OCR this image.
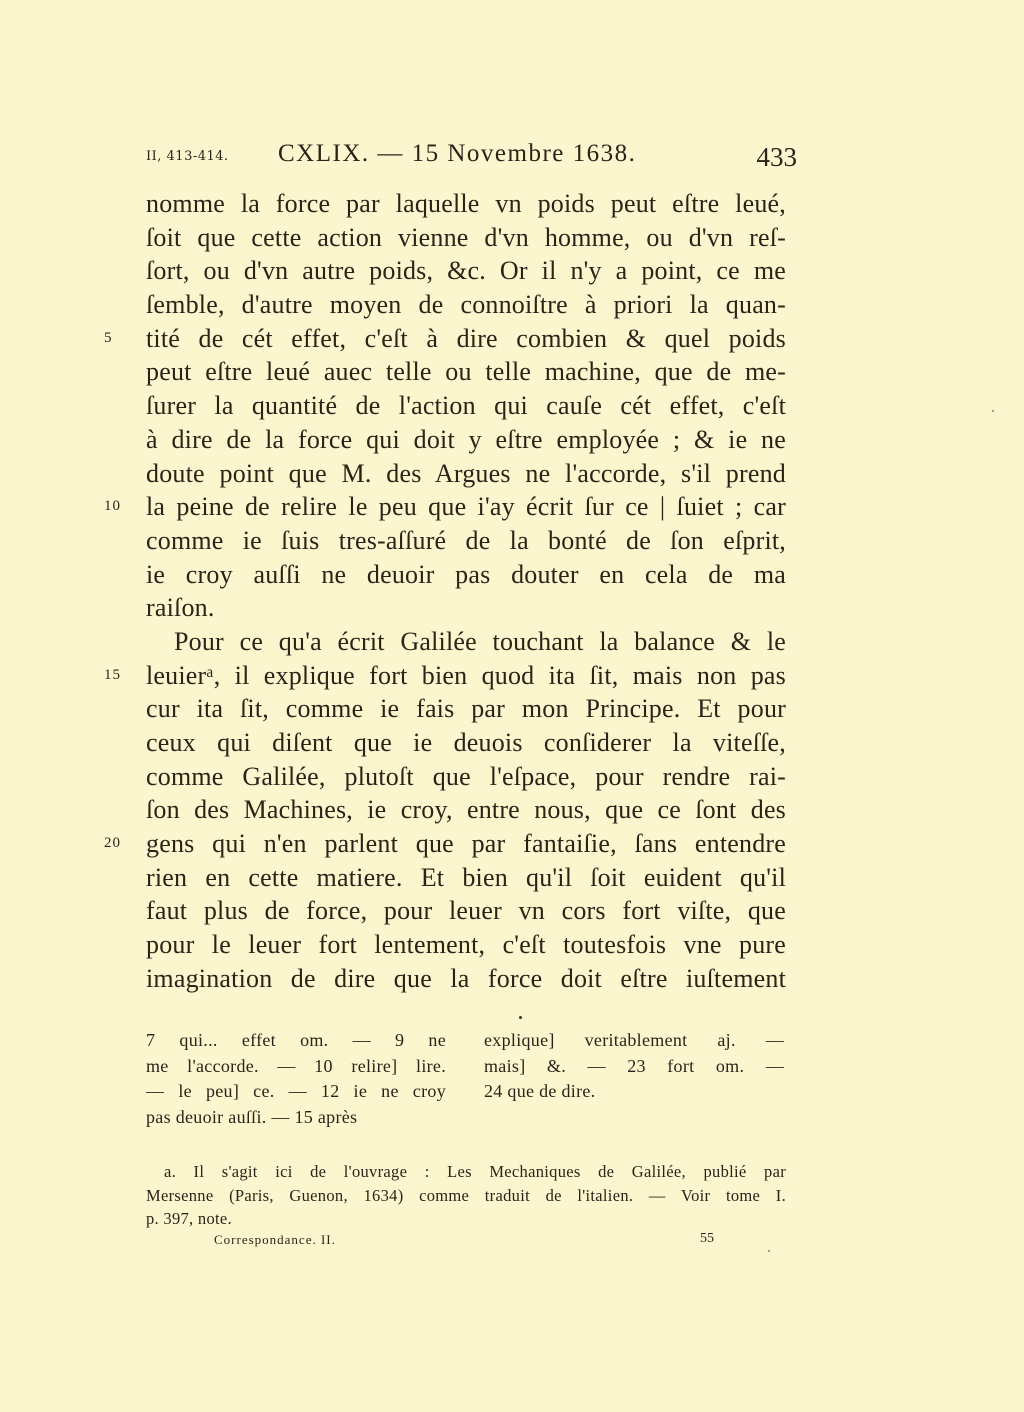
II, 413-414. CXLIX. — 15 Novembre 1638.	433
nomme la force par laquelle vn poids peut eſtre leué,
ſoit que cette action vienne d'vn homme, ou d'vn reſ-
ſort, ou d'vn autre poids, &c. Or il n'y a point, ce me
ſemble, d'autre moyen de connoiſtre à priori la quan-
5	tité de cét effet, c'eſt à dire combien & quel poids
peut eſtre leué auec telle ou telle machine, que de me-
ſurer la quantité de l'action qui cauſe cét effet, c'eſt
à dire de la force qui doit y eſtre employée ; & ie ne
doute point que M. des Argues ne l'accorde, s'il prend
10 la peine de relire le peu que i'ay écrit ſur ce | ſuiet ; car
comme ie ſuis tres-aſſuré de la bonté de ſon eſprit,
ie croy auſſi ne deuoir pas douter en cela de ma
raiſon.
Pour ce qu'a écrit Galilée touchant la balance & le
15 leuierᵃ, il explique fort bien quod ita ſit, mais non pas
cur ita ſit, comme ie fais par mon Principe. Et pour
ceux qui diſent que ie deuois conſiderer la viteſſe,
comme Galilée, plutoſt que l'eſpace, pour rendre rai-
ſon des Machines, ie croy, entre nous, que ce ſont des
20 gens qui n'en parlent que par fantaiſie, ſans entendre
rien en cette matiere. Et bien qu'il ſoit euident qu'il
faut plus de force, pour leuer vn cors fort viſte, que
pour le leuer fort lentement, c'eſt toutesfois vne pure
imagination de dire que la force doit eſtre iuſtement
7 qui... effet om. — 9 ne
me l'accorde. — 10 relire] lire.
— le peu] ce. — 12 ie ne croy
pas deuoir auſſi. — 15 après
explique] veritablement aj. —
mais] &. — 23 fort om. —
24 que de dire.
a. Il s'agit ici de l'ouvrage : Les Mechaniques de Galilée, publié par
Mersenne (Paris, Guenon, 1634) comme traduit de l'italien. — Voir tome I.
p. 397, note.
Correspondance. II.	55
